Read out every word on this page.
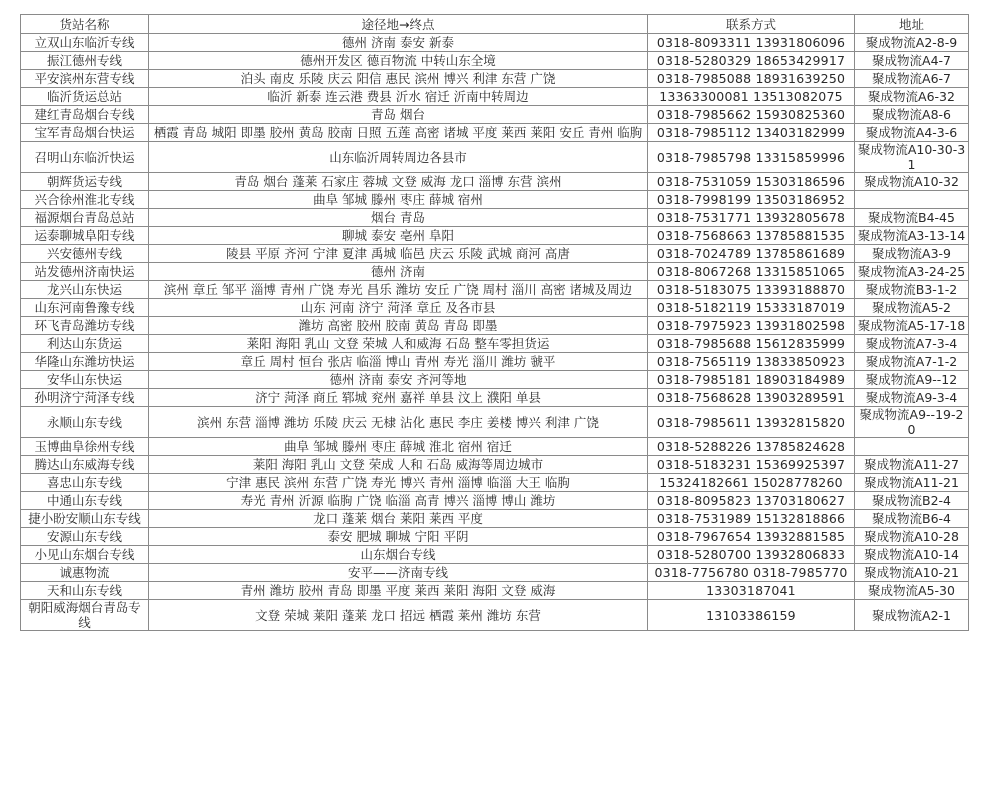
货站名称	途径地→终点	联系方式	地址
立双山东临沂专线	德州 济南 泰安 新泰	0318-8093311 13931806096	聚成物流A2-8-9
振江德州专线	德州开发区 德百物流 中转山东全境	0318-5280329 18653429917	聚成物流A4-7
平安滨州东营专线	泊头 南皮 乐陵 庆云 阳信 惠民 滨州 博兴 利津 东营 广饶	0318-7985088 18931639250	聚成物流A6-7
临沂货运总站	临沂 新泰 连云港 费县 沂水 宿迁 沂南中转周边	13363300081 13513082075	聚成物流A6-32
建红青岛烟台专线	青岛 烟台	0318-7985662 15930825360	聚成物流A8-6
宝军青岛烟台快运	栖霞 青岛 城阳 即墨 胶州 黄岛 胶南 日照 五莲 高密 诸城 平度 莱西 莱阳 安丘 青州 临朐	0318-7985112 13403182999	聚成物流A4-3-6
召明山东临沂快运	山东临沂周转周边各县市	0318-7985798 13315859996	聚成物流A10-30-31
朝辉货运专线	青岛 烟台 蓬莱 石家庄 蓉城 文登 威海 龙口 淄博 东营 滨州	0318-7531059 15303186596	聚成物流A10-32
兴合徐州淮北专线	曲阜 邹城 滕州 枣庄 薛城 宿州	0318-7998199 13503186952	
福源烟台青岛总站	烟台 青岛	0318-7531771 13932805678	聚成物流B4-45
运泰聊城阜阳专线	聊城 泰安 亳州 阜阳	0318-7568663 13785881535	聚成物流A3-13-14
兴安德州专线	陵县 平原 齐河 宁津 夏津 禹城 临邑 庆云 乐陵 武城 商河 高唐	0318-7024789 13785861689	聚成物流A3-9
站发德州济南快运	德州 济南	0318-8067268 13315851065	聚成物流A3-24-25
龙兴山东快运	滨州 章丘 邹平 淄博 青州 广饶 寿光 昌乐 潍坊 安丘 广饶 周村 淄川 高密 诸城及周边	0318-5183075 13393188870	聚成物流B3-1-2
山东河南鲁豫专线	山东 河南 济宁 菏泽 章丘 及各市县	0318-5182119 15333187019	聚成物流A5-2
环飞青岛潍坊专线	潍坊 高密 胶州 胶南 黄岛 青岛 即墨	0318-7975923 13931802598	聚成物流A5-17-18
利达山东货运	莱阳 海阳 乳山 文登 荣城 人和威海 石岛 整车零担货运	0318-7985688 15612835999	聚成物流A7-3-4
华隆山东潍坊快运	章丘 周村 恒台 张店 临淄 博山 青州 寿光 淄川 潍坊 虢平	0318-7565119 13833850923	聚成物流A7-1-2
安华山东快运	德州 济南 泰安 齐河等地	0318-7985181 18903184989	聚成物流A9--12
孙明济宁菏泽专线	济宁 菏泽 商丘 郓城 兖州 嘉祥 单县 汶上 濮阳 单县	0318-7568628 13903289591	聚成物流A9-3-4
永顺山东专线	滨州 东营 淄博 潍坊 乐陵 庆云 无棣 沾化 惠民 李庄 姜楼 博兴 利津 广饶	0318-7985611 13932815820	聚成物流A9--19-20
玉博曲阜徐州专线	曲阜 邹城 滕州 枣庄 薛城 淮北 宿州 宿迁	0318-5288226 13785824628	
腾达山东威海专线	莱阳 海阳 乳山 文登 荣成 人和 石岛 威海等周边城市	0318-5183231 15369925397	聚成物流A11-27
喜忠山东专线	宁津 惠民 滨州 东营 广饶 寿光 博兴 青州 淄博 临淄 大王 临朐	15324182661 15028778260	聚成物流A11-21
中通山东专线	寿光 青州 沂源 临朐 广饶 临淄 高青 博兴 淄博 博山 潍坊	0318-8095823 13703180627	聚成物流B2-4
捷小盼安顺山东专线	龙口 蓬莱 烟台 莱阳 莱西 平度	0318-7531989 15132818866	聚成物流B6-4
安源山东专线	泰安 肥城 聊城 宁阳 平阴	0318-7967654 13932881585	聚成物流A10-28
小见山东烟台专线	山东烟台专线	0318-5280700 13932806833	聚成物流A10-14
诚惠物流	安平——济南专线	0318-7756780 0318-7985770	聚成物流A10-21
天和山东专线	青州 潍坊 胶州 青岛 即墨 平度 莱西 莱阳 海阳 文登 威海	13303187041	聚成物流A5-30
朝阳威海烟台青岛专线	文登 荣城 莱阳 蓬莱 龙口 招远 栖霞 莱州 潍坊 东营	13103386159	聚成物流A2-1
